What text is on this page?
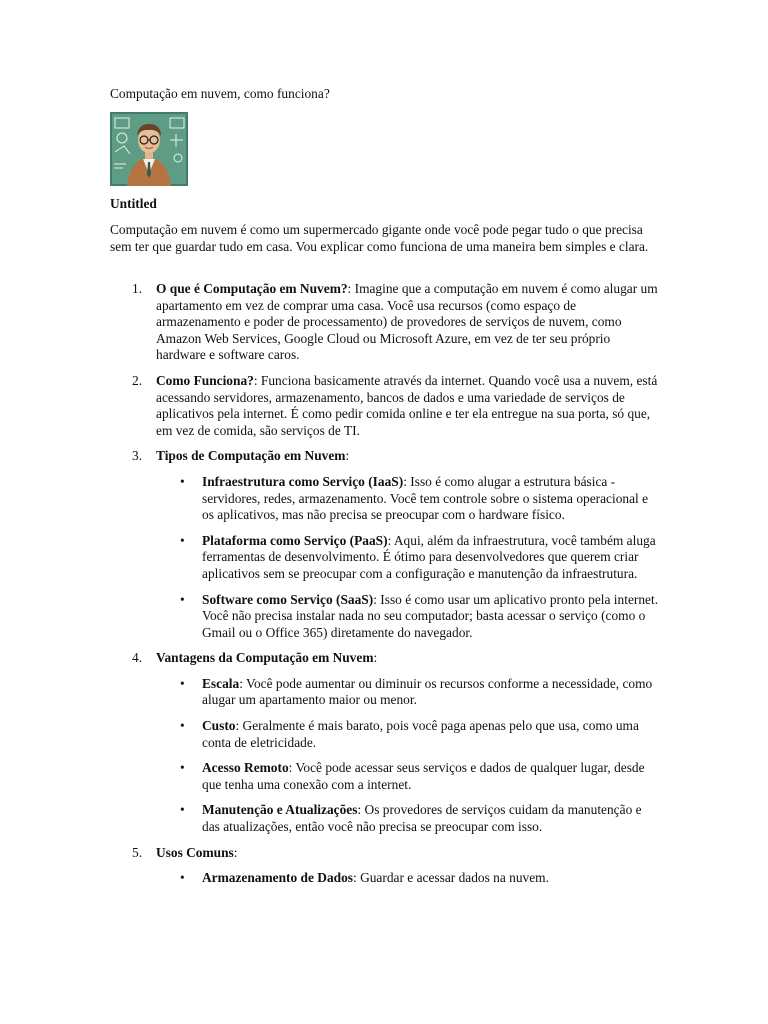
Computação em nuvem, como funciona?

Untitled

Computação em nuvem é como um supermercado gigante onde você pode pegar tudo o que precisa sem ter que guardar tudo em casa. Vou explicar como funciona de uma maneira bem simples e clara.

1. O que é Computação em Nuvem?: Imagine que a computação em nuvem é como alugar um apartamento em vez de comprar uma casa. Você usa recursos (como espaço de armazenamento e poder de processamento) de provedores de serviços de nuvem, como Amazon Web Services, Google Cloud ou Microsoft Azure, em vez de ter seu próprio hardware e software caros.
2. Como Funciona?: Funciona basicamente através da internet. Quando você usa a nuvem, está acessando servidores, armazenamento, bancos de dados e uma variedade de serviços de aplicativos pela internet. É como pedir comida online e ter ela entregue na sua porta, só que, em vez de comida, são serviços de TI.
3. Tipos de Computação em Nuvem:
• Infraestrutura como Serviço (IaaS): Isso é como alugar a estrutura básica - servidores, redes, armazenamento. Você tem controle sobre o sistema operacional e os aplicativos, mas não precisa se preocupar com o hardware físico.
• Plataforma como Serviço (PaaS): Aqui, além da infraestrutura, você também aluga ferramentas de desenvolvimento. É ótimo para desenvolvedores que querem criar aplicativos sem se preocupar com a configuração e manutenção da infraestrutura.
• Software como Serviço (SaaS): Isso é como usar um aplicativo pronto pela internet. Você não precisa instalar nada no seu computador; basta acessar o serviço (como o Gmail ou o Office 365) diretamente do navegador.
4. Vantagens da Computação em Nuvem:
• Escala: Você pode aumentar ou diminuir os recursos conforme a necessidade, como alugar um apartamento maior ou menor.
• Custo: Geralmente é mais barato, pois você paga apenas pelo que usa, como uma conta de eletricidade.
• Acesso Remoto: Você pode acessar seus serviços e dados de qualquer lugar, desde que tenha uma conexão com a internet.
• Manutenção e Atualizações: Os provedores de serviços cuidam da manutenção e das atualizações, então você não precisa se preocupar com isso.
5. Usos Comuns:
• Armazenamento de Dados: Guardar e acessar dados na nuvem.
